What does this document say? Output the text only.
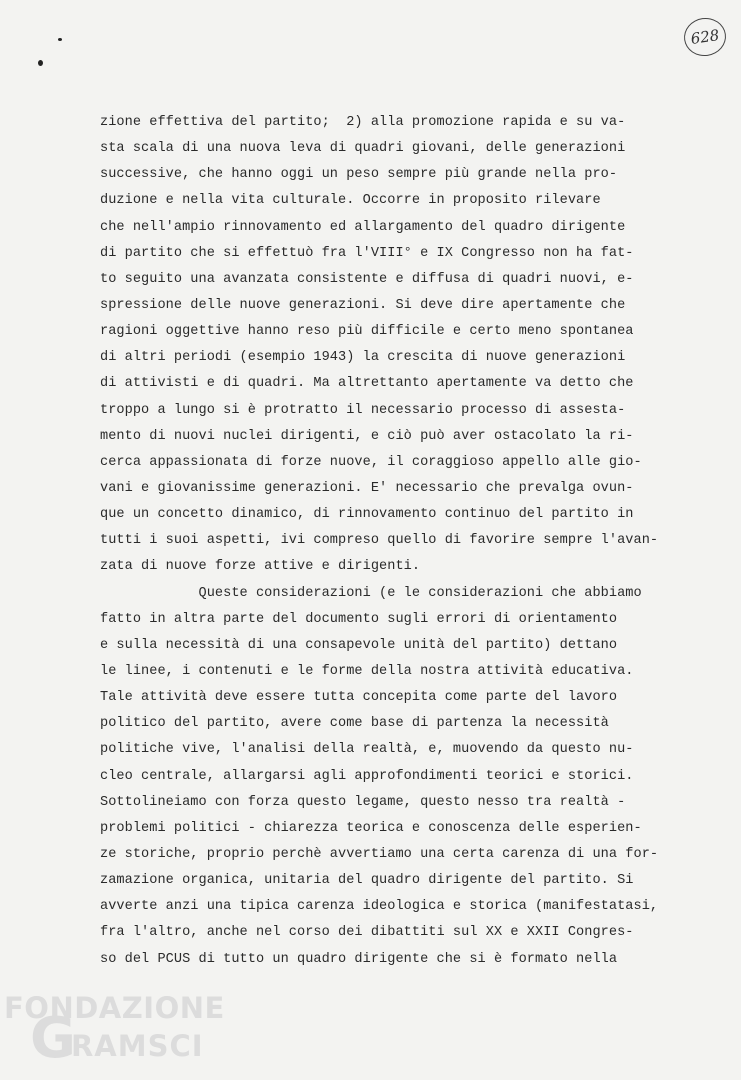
628
zione effettiva del partito;  2) alla promozione rapida e su va-
sta scala di una nuova leva di quadri giovani, delle generazioni
successive, che hanno oggi un peso sempre più grande nella pro-
duzione e nella vita culturale. Occorre in proposito rilevare
che nell'ampio rinnovamento ed allargamento del quadro dirigente
di partito che si effettuò fra l'VIII° e IX Congresso non ha fat-
to seguito una avanzata consistente e diffusa di quadri nuovi, e-
spressione delle nuove generazioni. Si deve dire apertamente che
ragioni oggettive hanno reso più difficile e certo meno spontanea
di altri periodi (esempio 1943) la crescita di nuove generazioni
di attivisti e di quadri. Ma altrettanto apertamente va detto che
troppo a lungo si è protratto il necessario processo di assesta-
mento di nuovi nuclei dirigenti, e ciò può aver ostacolato la ri-
cerca appassionata di forze nuove, il coraggioso appello alle gio-
vani e giovanissime generazioni. E' necessario che prevalga ovun-
que un concetto dinamico, di rinnovamento continuo del partito in
tutti i suoi aspetti, ivi compreso quello di favorire sempre l'avan-
zata di nuove forze attive e dirigenti.
Queste considerazioni (e le considerazioni che abbiamo
fatto in altra parte del documento sugli errori di orientamento
e sulla necessità di una consapevole unità del partito) dettano
le linee, i contenuti e le forme della nostra attività educativa.
Tale attività deve essere tutta concepita come parte del lavoro
politico del partito, avere come base di partenza la necessità
politiche vive, l'analisi della realtà, e, muovendo da questo nu-
cleo centrale, allargarsi agli approfondimenti teorici e storici.
Sottolineiamo con forza questo legame, questo nesso tra realtà -
problemi politici - chiarezza teorica e conoscenza delle esperien-
ze storiche, proprio perchè avvertiamo una certa carenza di una for-
zamazione organica, unitaria del quadro dirigente del partito. Si
avverte anzi una tipica carenza ideologica e storica (manifestatasi,
fra l'altro, anche nel corso dei dibattiti sul XX e XXII Congres-
so del PCUS di tutto un quadro dirigente che si è formato nella
FONDAZIONE
G
RAMSCI
